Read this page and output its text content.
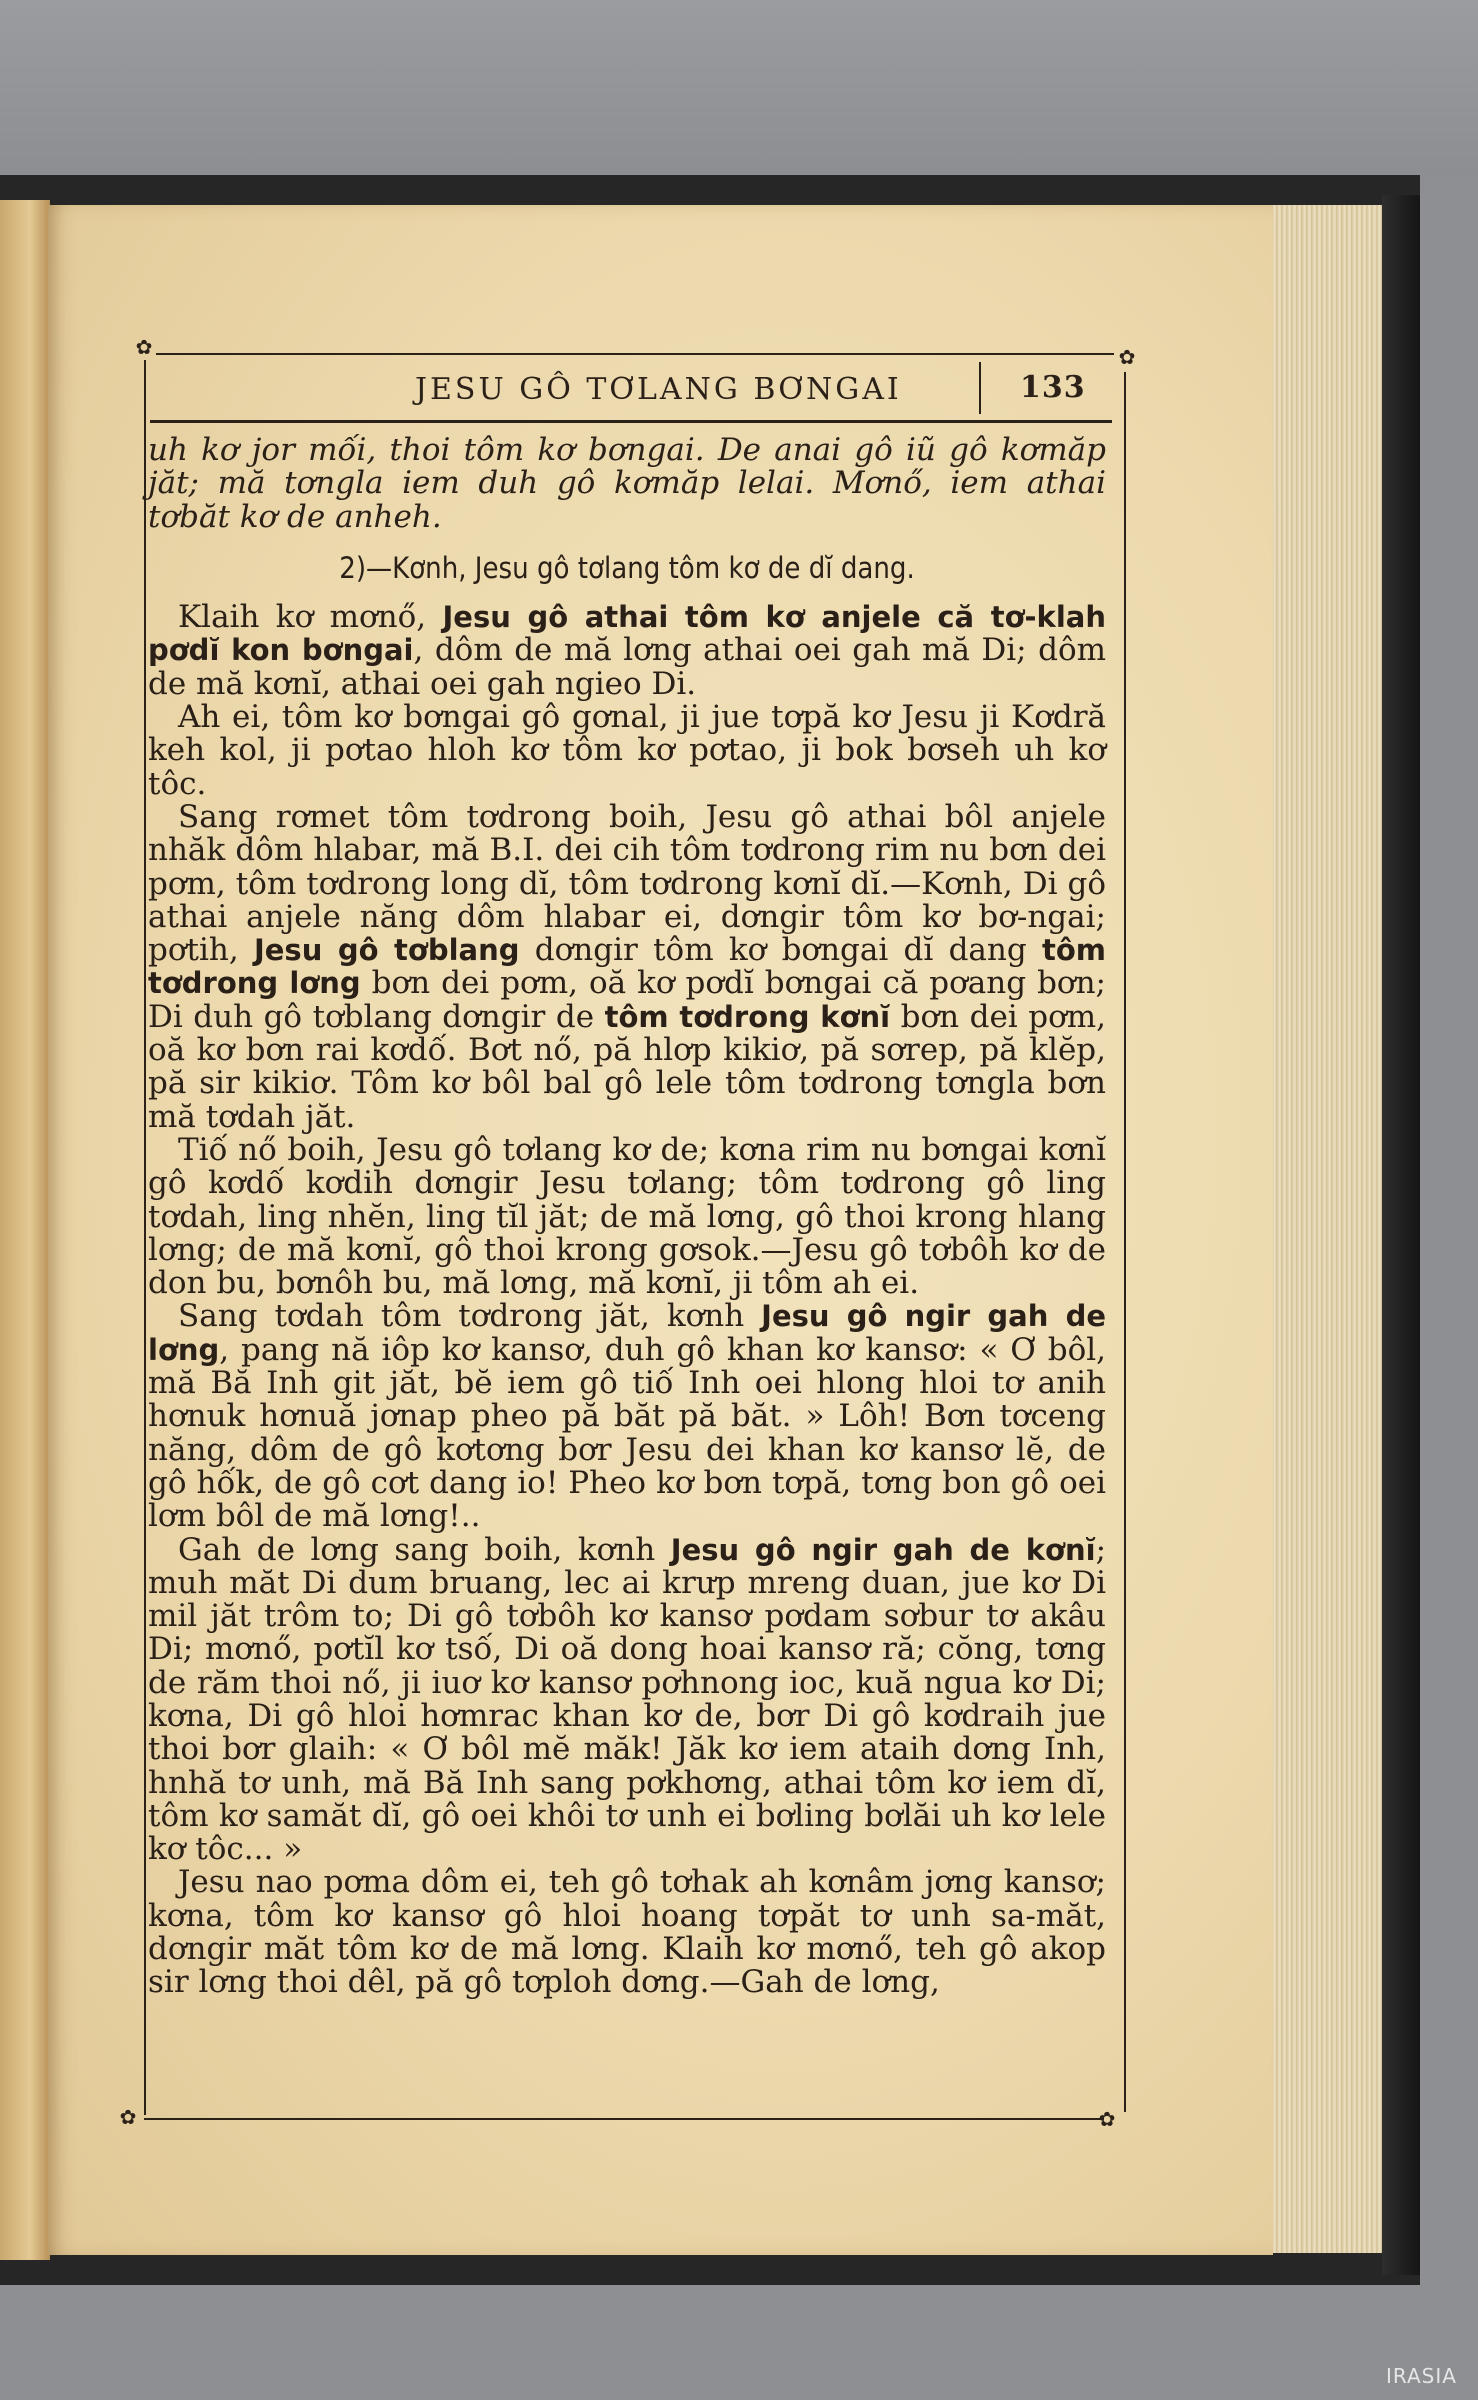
✿	✿
✿	✿
JESU GÔ TƠLANG BƠNGAI	133

uh kơ jor mối, thoi tôm kơ bơngai. De anai gô iũ gô kơmăp jăt; mă tơngla iem duh gô kơmăp lelai. Mơnő, iem athai tơbăt kơ de anheh.

2)—Kơnh, Jesu gô tơlang tôm kơ de dĭ dang.

Klaih kơ mơnő, Jesu gô athai tôm kơ anjele că tơ-klah pơdĭ kon bơngai, dôm de mă lơng athai oei gah mă Di; dôm de mă kơnĭ, athai oei gah ngieo Di.

Ah ei, tôm kơ bơngai gô gơnal, ji jue tơpă kơ Jesu ji Kơdră keh kol, ji pơtao hloh kơ tôm kơ pơtao, ji bok bơseh uh kơ tôc.

Sang rơmet tôm tơdrong boih, Jesu gô athai bôl anjele nhăk dôm hlabar, mă B.I. dei cih tôm tơdrong rim nu bơn dei pơm, tôm tơdrong long dĭ, tôm tơdrong kơnĭ dĭ.—Kơnh, Di gô athai anjele năng dôm hlabar ei, dơngir tôm kơ bơ-ngai; pơtih, Jesu gô tơblang dơngir tôm kơ bơngai dĭ dang tôm tơdrong lơng bơn dei pơm, oă kơ pơdĭ bơngai că pơang bơn; Di duh gô tơblang dơngir de tôm tơdrong kơnĭ bơn dei pơm, oă kơ bơn rai kơdố. Bơt nő, pă hlơp kikiơ, pă sơrep, pă klĕp, pă sir kikiơ. Tôm kơ bôl bal gô lele tôm tơdrong tơngla bơn mă tơdah jăt.

Tiố nő boih, Jesu gô tơlang kơ de; kơna rim nu bơngai kơnĭ gô kơdố kơdih dơngir Jesu tơlang; tôm tơdrong gô ling tơdah, ling nhĕn, ling tĭl jăt; de mă lơng, gô thoi krong hlang lơng; de mă kơnĭ, gô thoi krong gơsok.—Jesu gô tơbôh kơ de don bu, bơnôh bu, mă lơng, mă kơnĭ, ji tôm ah ei.

Sang tơdah tôm tơdrong jăt, kơnh Jesu gô ngir gah de lơng, pang nă iôp kơ kansơ, duh gô khan kơ kansơ: « Ơ bôl, mă Bă Inh git jăt, bĕ iem gô tiố Inh oei hlong hloi tơ anih hơnuk hơnuă jơnap pheo pă băt pă băt. » Lôh! Bơn tơceng năng, dôm de gô kơtơng bơr Jesu dei khan kơ kansơ lĕ, de gô hốk, de gô cơt dang io! Pheo kơ bơn tơpă, tơng bon gô oei lơm bôl de mă lơng!..

Gah de lơng sang boih, kơnh Jesu gô ngir gah de kơnĭ; muh măt Di dum bruang, lec ai krưp mreng duan, jue kơ Di mil jăt trôm to; Di gô tơbôh kơ kansơ pơdam sơbur tơ akâu Di; mơnő, pơtĭl kơ tsố, Di oă dong hoai kansơ ră; cŏng, tơng de răm thoi nő, ji iuơ kơ kansơ pơhnong ioc, kuă ngua kơ Di; kơna, Di gô hloi hơmrac khan kơ de, bơr Di gô kơdraih jue thoi bơr glaih: « Ơ bôl mĕ măk! Jăk kơ iem ataih dơng Inh, hnhă tơ unh, mă Bă Inh sang pơkhơng, athai tôm kơ iem dĭ, tôm kơ samăt dĭ, gô oei khôi tơ unh ei bơling bơlăi uh kơ lele kơ tôc... »

Jesu nao pơma dôm ei, teh gô tơhak ah kơnâm jơng kansơ; kơna, tôm kơ kansơ gô hloi hoang tơpăt tơ unh sa-măt, dơngir măt tôm kơ de mă lơng. Klaih kơ mơnő, teh gô akop sir lơng thoi dêl, pă gô tơploh dơng.—Gah de lơng,

IRASIA
